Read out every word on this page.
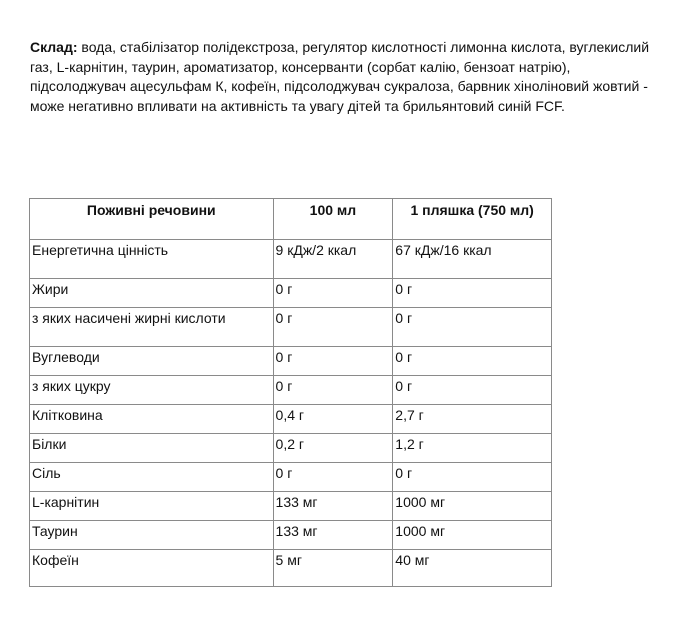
Склад: вода, стабілізатор полідекстроза, регулятор кислотності лимонна кислота, вуглекислий газ, L-карнітин, таурин, ароматизатор, консерванти (сорбат калію, бензоат натрію), підсолоджувач ацесульфам К, кофеїн, підсолоджувач сукралоза, барвник хіноліновий жовтий - може негативно впливати на активність та увагу дітей та брильянтовий синій FCF.

Поживні речовини	100 мл	1 пляшка (750 мл)
Енергетична цінність	9 кДж/2 ккал	67 кДж/16 ккал
Жири	0 г	0 г
з яких насичені жирні кислоти	0 г	0 г
Вуглеводи	0 г	0 г
з яких цукру	0 г	0 г
Клітковина	0,4 г	2,7 г
Білки	0,2 г	1,2 г
Сіль	0 г	0 г
L-карнітин	133 мг	1000 мг
Таурин	133 мг	1000 мг
Кофеїн	5 мг	40 мг
